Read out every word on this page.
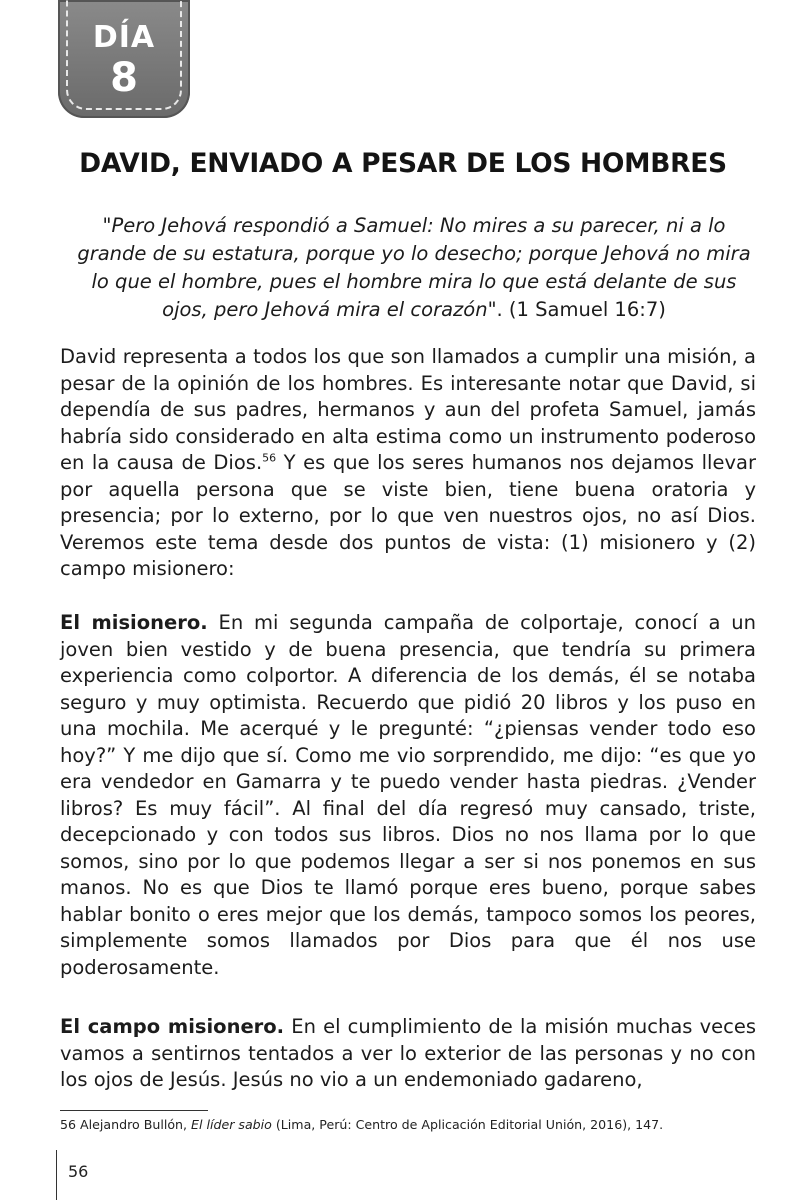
DÍA
8
DAVID, ENVIADO A PESAR DE LOS HOMBRES

"Pero Jehová respondió a Samuel: No mires a su parecer, ni a lo grande de su estatura, porque yo lo desecho; porque Jehová no mira lo que el hombre, pues el hombre mira lo que está delante de sus ojos, pero Jehová mira el corazón". (1 Samuel 16:7)

David representa a todos los que son llamados a cumplir una misión, a pesar de la opinión de los hombres. Es interesante notar que David, si dependía de sus padres, hermanos y aun del profeta Samuel, jamás habría sido considerado en alta estima como un instrumento poderoso en la causa de Dios.$^{56}$ Y es que los seres humanos nos dejamos llevar por aquella persona que se viste bien, tiene buena oratoria y presencia; por lo externo, por lo que ven nuestros ojos, no así Dios. Veremos este tema desde dos puntos de vista: (1) misionero y (2) campo misionero:

El misionero. En mi segunda campaña de colportaje, conocí a un joven bien vestido y de buena presencia, que tendría su primera experiencia como colportor. A diferencia de los demás, él se notaba seguro y muy optimista. Recuerdo que pidió 20 libros y los puso en una mochila. Me acerqué y le pregunté: “¿piensas vender todo eso hoy?” Y me dijo que sí. Como me vio sorprendido, me dijo: “es que yo era vendedor en Gamarra y te puedo vender hasta piedras. ¿Vender libros? Es muy fácil”. Al final del día regresó muy cansado, triste, decepcionado y con todos sus libros. Dios no nos llama por lo que somos, sino por lo que podemos llegar a ser si nos ponemos en sus manos. No es que Dios te llamó porque eres bueno, porque sabes hablar bonito o eres mejor que los demás, tampoco somos los peores, simplemente somos llamados por Dios para que él nos use poderosamente.

El campo misionero. En el cumplimiento de la misión muchas veces vamos a sentirnos tentados a ver lo exterior de las personas y no con los ojos de Jesús. Jesús no vio a un endemoniado gadareno,

56 Alejandro Bullón, El líder sabio (Lima, Perú: Centro de Aplicación Editorial Unión, 2016), 147.

56
